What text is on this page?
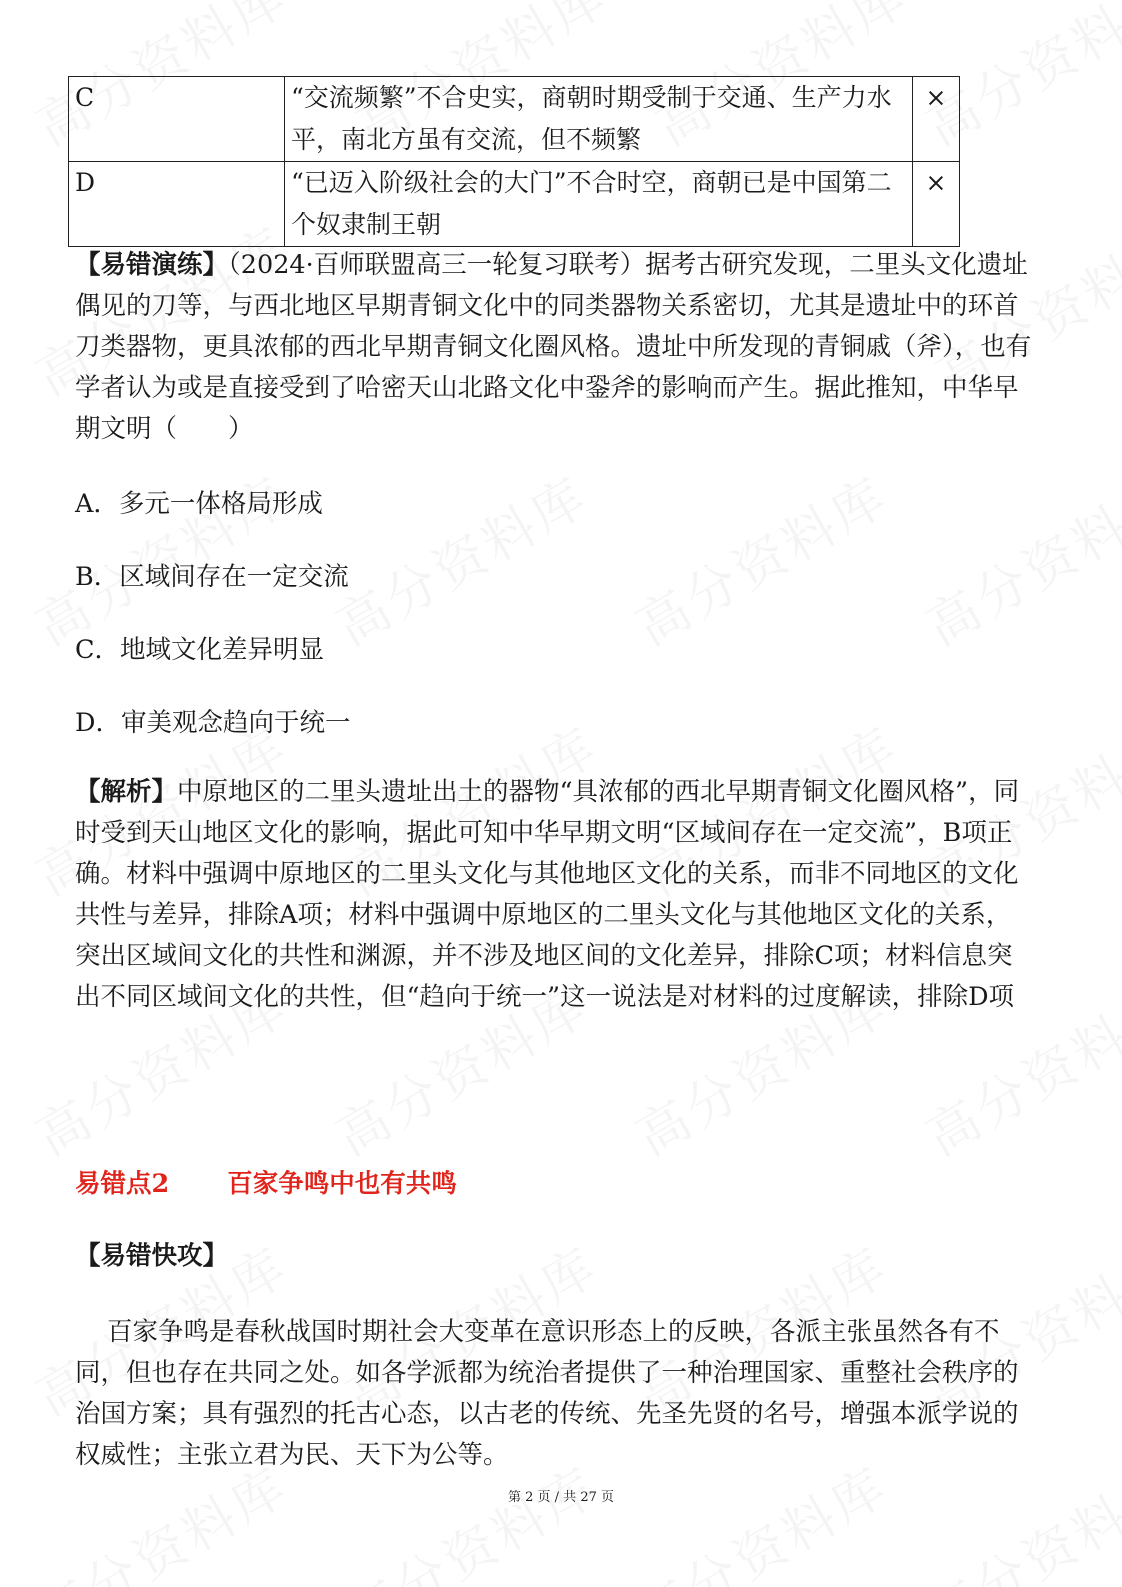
C	“交流频繁”不合史实，商朝时期受制于交通、生产力水平，南北方虽有交流，但不频繁	×
D	“已迈入阶级社会的大门”不合时空，商朝已是中国第二个奴隶制王朝	×
【易错演练】（2024·百师联盟高三一轮复习联考）据考古研究发现，二里头文化遗址偶见的刀等，与西北地区早期青铜文化中的同类器物关系密切，尤其是遗址中的环首刀类器物，更具浓郁的西北早期青铜文化圈风格。遗址中所发现的青铜戚（斧），也有学者认为或是直接受到了哈密天山北路文化中銎斧的影响而产生。据此推知，中华早期文明（　　）
A．多元一体格局形成
B．区域间存在一定交流
C．地域文化差异明显
D．审美观念趋向于统一
【解析】中原地区的二里头遗址出土的器物“具浓郁的西北早期青铜文化圈风格”，同时受到天山地区文化的影响，据此可知中华早期文明“区域间存在一定交流”，B项正确。材料中强调中原地区的二里头文化与其他地区文化的关系，而非不同地区的文化共性与差异，排除A项；材料中强调中原地区的二里头文化与其他地区文化的关系，突出区域间文化的共性和渊源，并不涉及地区间的文化差异，排除C项；材料信息突出不同区域间文化的共性，但“趋向于统一”这一说法是对材料的过度解读，排除D项
易错点2 百家争鸣中也有共鸣
【易错快攻】
百家争鸣是春秋战国时期社会大变革在意识形态上的反映，各派主张虽然各有不同，但也存在共同之处。如各学派都为统治者提供了一种治理国家、重整社会秩序的治国方案；具有强烈的托古心态，以古老的传统、先圣先贤的名号，增强本派学说的权威性；主张立君为民、天下为公等。
第 2 页 / 共 27 页
